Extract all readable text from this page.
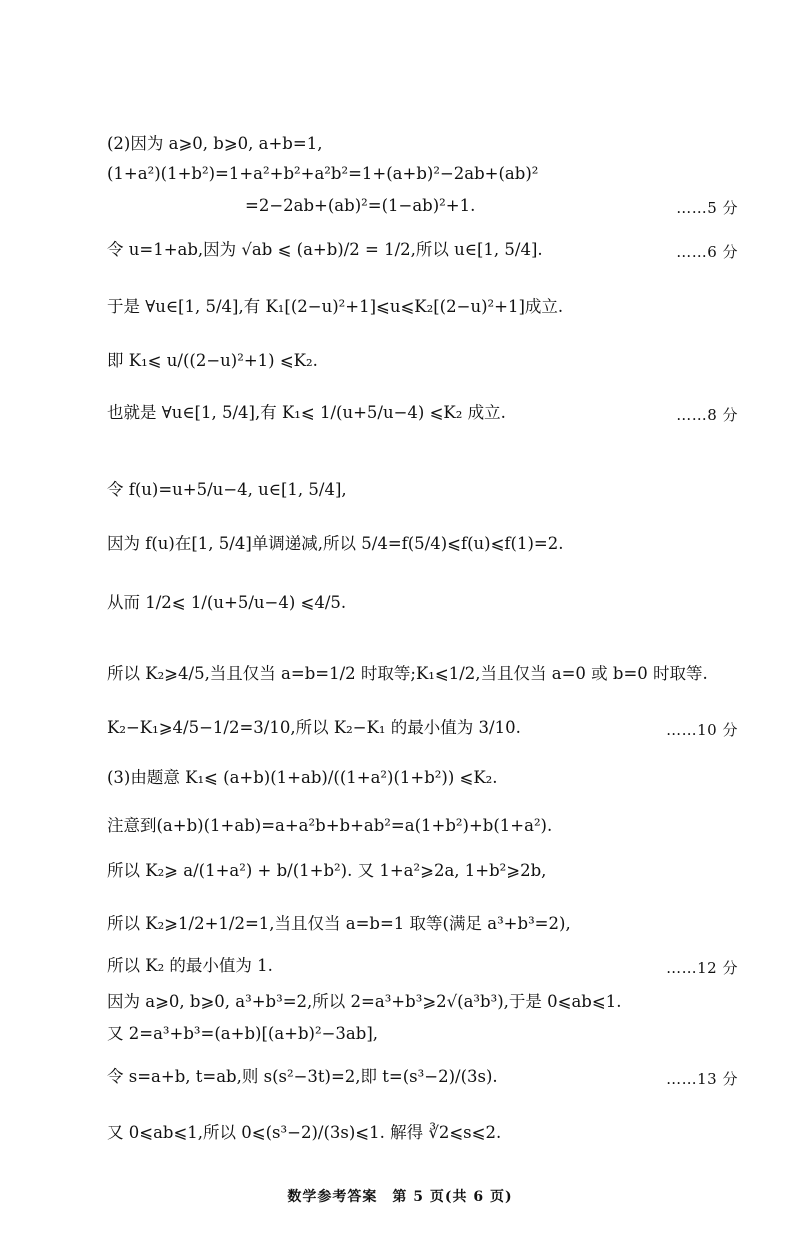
(2)因为 a⩾0, b⩾0, a+b=1,
(1+a²)(1+b²)=1+a²+b²+a²b²=1+(a+b)²−2ab+(ab)²
=2−2ab+(ab)²=(1−ab)²+1.	……5 分
令 u=1+ab,因为 √ab ⩽ (a+b)/2 = 1/2,所以 u∈[1, 5/4].	……6 分
于是 ∀u∈[1, 5/4],有 K₁[(2−u)²+1]⩽u⩽K₂[(2−u)²+1]成立.
即 K₁⩽ u/((2−u)²+1) ⩽K₂.
也就是 ∀u∈[1, 5/4],有 K₁⩽ 1/(u+5/u−4) ⩽K₂ 成立.	……8 分
令 f(u)=u+5/u−4, u∈[1, 5/4],
因为 f(u)在[1, 5/4]单调递减,所以 5/4=f(5/4)⩽f(u)⩽f(1)=2.
从而 1/2⩽ 1/(u+5/u−4) ⩽4/5.
所以 K₂⩾4/5,当且仅当 a=b=1/2 时取等;K₁⩽1/2,当且仅当 a=0 或 b=0 时取等.
K₂−K₁⩾4/5−1/2=3/10,所以 K₂−K₁ 的最小值为 3/10.	……10 分
(3)由题意 K₁⩽ (a+b)(1+ab)/((1+a²)(1+b²)) ⩽K₂.
注意到(a+b)(1+ab)=a+a²b+b+ab²=a(1+b²)+b(1+a²).
所以 K₂⩾ a/(1+a²) + b/(1+b²). 又 1+a²⩾2a, 1+b²⩾2b,
所以 K₂⩾1/2+1/2=1,当且仅当 a=b=1 取等(满足 a³+b³=2),
所以 K₂ 的最小值为 1.	……12 分
因为 a⩾0, b⩾0, a³+b³=2,所以 2=a³+b³⩾2√(a³b³),于是 0⩽ab⩽1.
又 2=a³+b³=(a+b)[(a+b)²−3ab],
令 s=a+b, t=ab,则 s(s²−3t)=2,即 t=(s³−2)/(3s).	……13 分
又 0⩽ab⩽1,所以 0⩽(s³−2)/(3s)⩽1. 解得 ∛2⩽s⩽2.
数学参考答案　第 5 页(共 6 页)
